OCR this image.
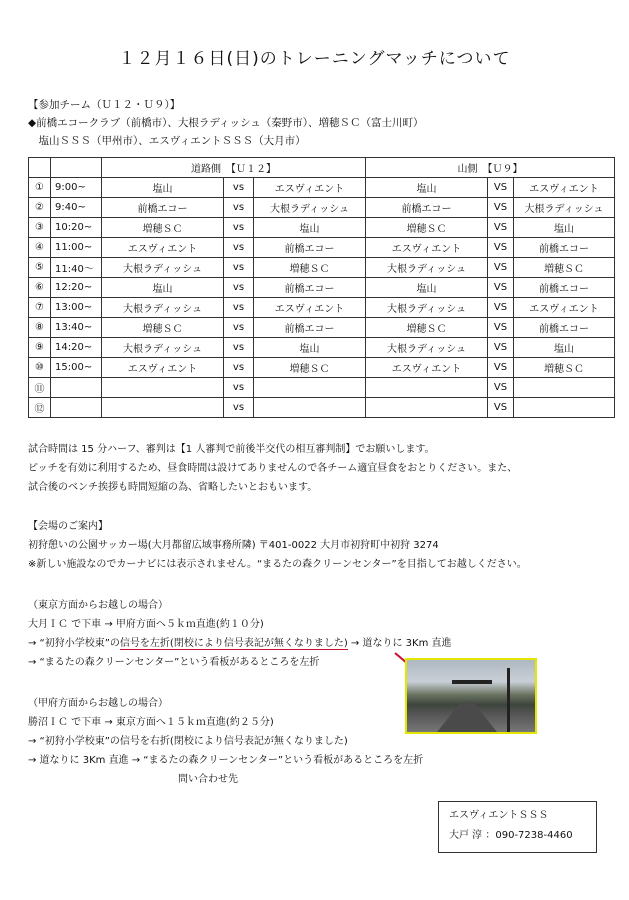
１２月１６日(日)のトレーニングマッチについて
【参加チーム（Ｕ１２・Ｕ９）】
◆前橋エコークラブ（前橋市）、大根ラディッシュ（秦野市）、増穂ＳＣ（富士川町）
　塩山ＳＳＳ（甲州市）、エスヴィエントＳＳＳ（大月市）
		道路側　【Ｕ１２】			山側　【Ｕ９】		
①	9:00~	塩山	vs	エスヴィエント	塩山	VS	エスヴィエント
②	9:40~	前橋エコー	vs	大根ラディッシュ	前橋エコー	VS	大根ラディッシュ
③	10:20~	増穂ＳＣ	vs	塩山	増穂ＳＣ	VS	塩山
④	11:00~	エスヴィエント	vs	前橋エコー	エスヴィエント	VS	前橋エコー
⑤	11:40～	大根ラディッシュ	vs	増穂ＳＣ	大根ラディッシュ	VS	増穂ＳＣ
⑥	12:20~	塩山	vs	前橋エコー	塩山	VS	前橋エコー
⑦	13:00~	大根ラディッシュ	vs	エスヴィエント	大根ラディッシュ	VS	エスヴィエント
⑧	13:40~	増穂ＳＣ	vs	前橋エコー	増穂ＳＣ	VS	前橋エコー
⑨	14:20~	大根ラディッシュ	vs	塩山	大根ラディッシュ	VS	塩山
⑩	15:00~	エスヴィエント	vs	増穂ＳＣ	エスヴィエント	VS	増穂ＳＣ
⑪			vs			VS	
⑫			vs			VS	
試合時間は 15 分ハーフ、審判は【1 人審判で前後半交代の相互審判制】でお願いします。
ピッチを有効に利用するため、昼食時間は設けてありませんので各チーム適宜昼食をおとりください。また、
試合後のベンチ挨拶も時間短縮の為、省略したいとおもいます。
【会場のご案内】
初狩憩いの公園サッカー場(大月都留広域事務所隣) 〒401-0022 大月市初狩町中初狩 3274
※新しい施設なのでカーナビには表示されません。“まるたの森クリーンセンター”を目指してお越しください。
（東京方面からお越しの場合）
大月ＩＣ で下車 → 甲府方面へ５ｋｍ直進(約１０分)
→ “初狩小学校東”の信号を左折(閉校により信号表記が無くなりました) → 道なりに 3Km 直進
→ “まるたの森クリーンセンター”という看板があるところを左折
（甲府方面からお越しの場合）
勝沼ＩＣ で下車 → 東京方面へ１５ｋｍ直進(約２５分)
→ “初狩小学校東”の信号を右折(閉校により信号表記が無くなりました)
→ 道なりに 3Km 直進 → “まるたの森クリーンセンター”という看板があるところを左折
問い合わせ先
エスヴィエントＳＳＳ
大戸 淳 ：090-7238-4460
